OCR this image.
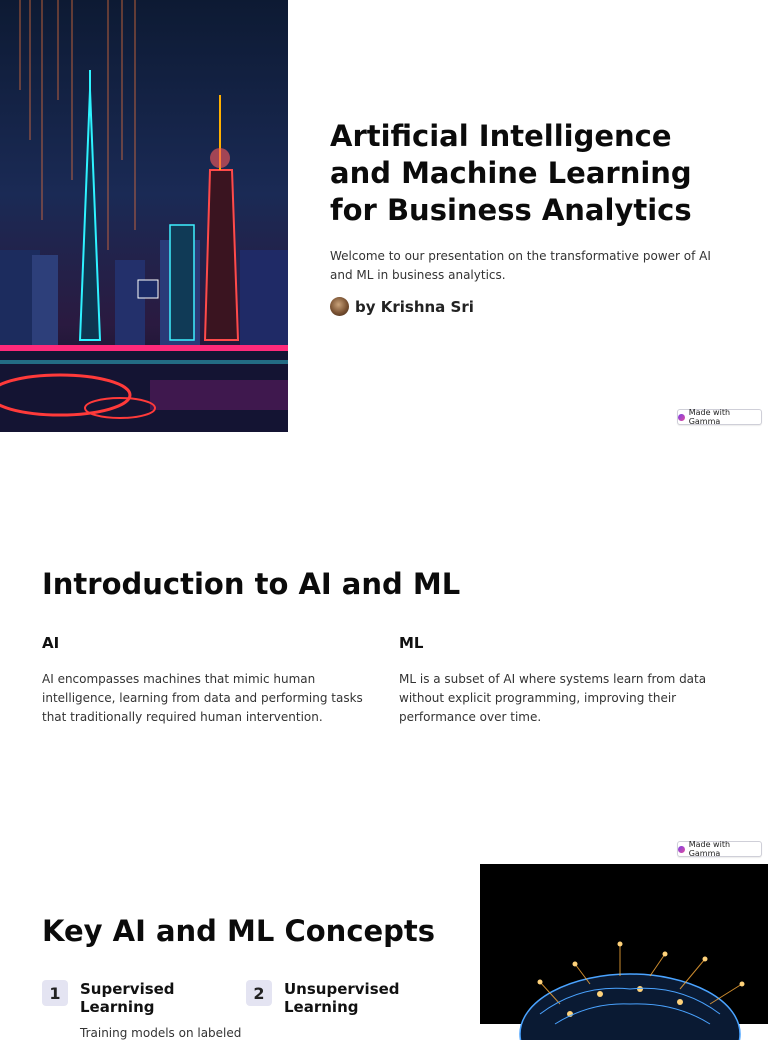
Artificial Intelligence and Machine Learning for Business Analytics

Welcome to our presentation on the transformative power of AI and ML in business analytics.

by Krishna Sri
Made with Gamma
Introduction to AI and ML
AI

AI encompasses machines that mimic human intelligence, learning from data and performing tasks that traditionally required human intervention.

ML

ML is a subset of AI where systems learn from data without explicit programming, improving their performance over time.

Made with Gamma
Key AI and ML Concepts
1	Supervised Learning
Training models on labeled
2	Unsupervised Learning
